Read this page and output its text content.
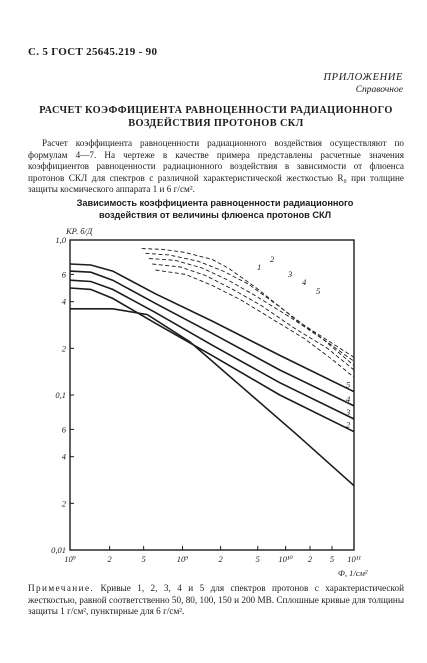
С. 5 ГОСТ 25645.219 - 90
ПРИЛОЖЕНИЕ
Справочное
РАСЧЕТ КОЭФФИЦИЕНТА РАВНОЦЕННОСТИ РАДИАЦИОННОГО
ВОЗДЕЙСТВИЯ ПРОТОНОВ СКЛ

Расчет коэффициента равноценности радиационного воздействия осуществляют по формулам 4—7. На чертеже в качестве примера представлены расчетные значения коэффициентов равноценности радиационного воздействия в зависимости от флюенса протонов СКЛ для спектров с различной характеристической жесткостью R₀ при толщине защиты космического аппарата 1 и 6 г/см².

Зависимость коэффициента равноценности радиационного
воздействия от величины флюенса протонов СКЛ
1,0
6
4
2
0,1
6
4
2
0,01
10⁹	2	5	10⁹	2	5 10¹⁰ 2 5 10¹¹
5
4
3
2
1
2
3
4
5
КР. б/Д
Ф, 1/см²
Примечание. Кривые 1, 2, 3, 4 и 5 для спектров протонов с характеристической жесткостью, равной соответственно 50, 80, 100, 150 и 200 МВ. Сплошные кривые для толщины защиты 1 г/см², пунктирные для 6 г/см².
